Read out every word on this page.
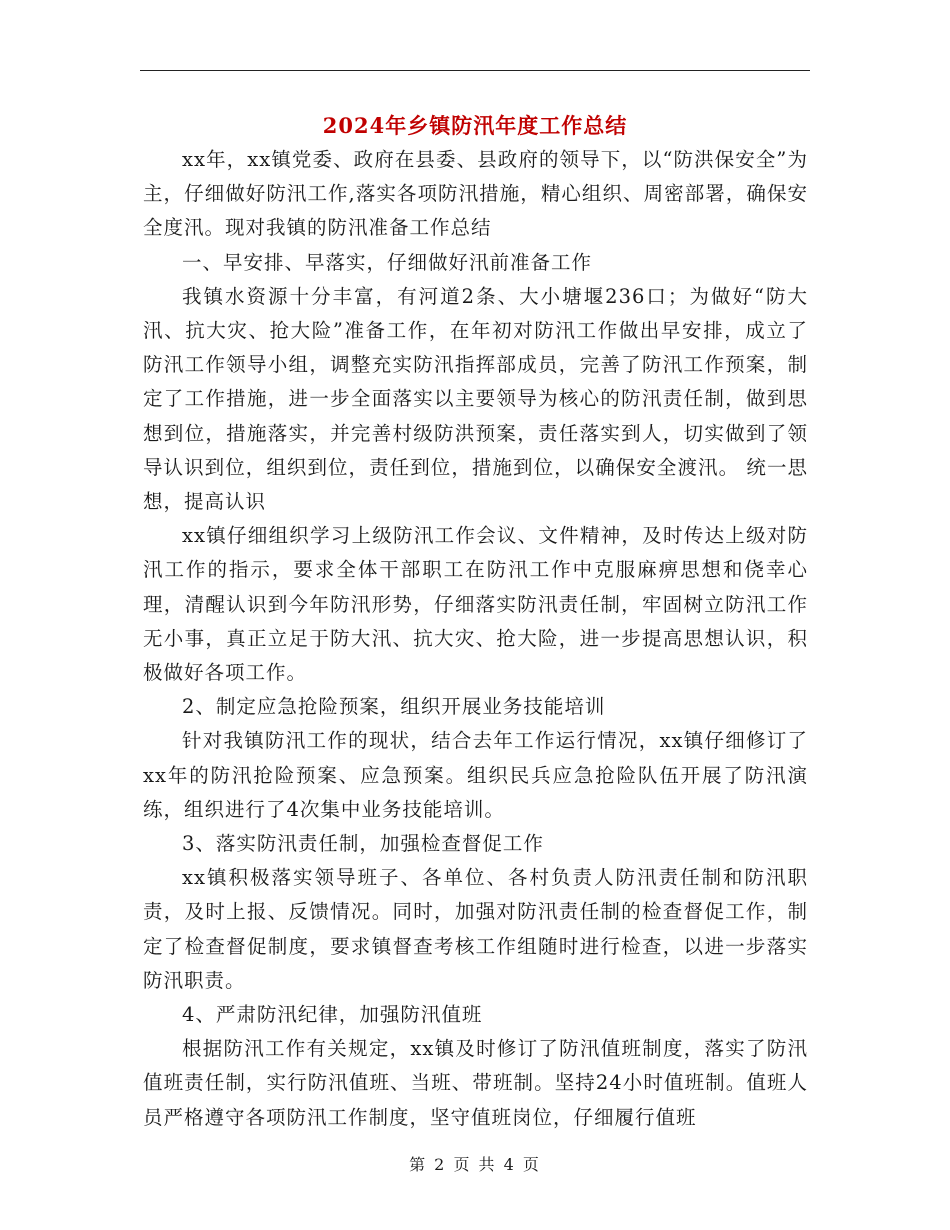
2024年乡镇防汛年度工作总结

xx年，xx镇党委、政府在县委、县政府的领导下，以“防洪保安全”为主，仔细做好防汛工作,落实各项防汛措施，精心组织、周密部署，确保安全度汛。现对我镇的防汛准备工作总结

一、早安排、早落实，仔细做好汛前准备工作

我镇水资源十分丰富，有河道2条、大小塘堰236口；为做好“防大汛、抗大灾、抢大险”准备工作，在年初对防汛工作做出早安排，成立了防汛工作领导小组，调整充实防汛指挥部成员，完善了防汛工作预案，制定了工作措施，进一步全面落实以主要领导为核心的防汛责任制，做到思想到位，措施落实，并完善村级防洪预案，责任落实到人，切实做到了领导认识到位，组织到位，责任到位，措施到位，以确保安全渡汛。 统一思想，提高认识

xx镇仔细组织学习上级防汛工作会议、文件精神，及时传达上级对防汛工作的指示，要求全体干部职工在防汛工作中克服麻痹思想和侥幸心理，清醒认识到今年防汛形势，仔细落实防汛责任制，牢固树立防汛工作无小事，真正立足于防大汛、抗大灾、抢大险，进一步提高思想认识，积极做好各项工作。

2、制定应急抢险预案，组织开展业务技能培训

针对我镇防汛工作的现状，结合去年工作运行情况，xx镇仔细修订了xx年的防汛抢险预案、应急预案。组织民兵应急抢险队伍开展了防汛演练，组织进行了4次集中业务技能培训。

3、落实防汛责任制，加强检查督促工作

xx镇积极落实领导班子、各单位、各村负责人防汛责任制和防汛职责，及时上报、反馈情况。同时，加强对防汛责任制的检查督促工作，制定了检查督促制度，要求镇督查考核工作组随时进行检查，以进一步落实防汛职责。

4、严肃防汛纪律，加强防汛值班

根据防汛工作有关规定，xx镇及时修订了防汛值班制度，落实了防汛值班责任制，实行防汛值班、当班、带班制。坚持24小时值班制。值班人员严格遵守各项防汛工作制度，坚守值班岗位，仔细履行值班

第 2 页 共 4 页
